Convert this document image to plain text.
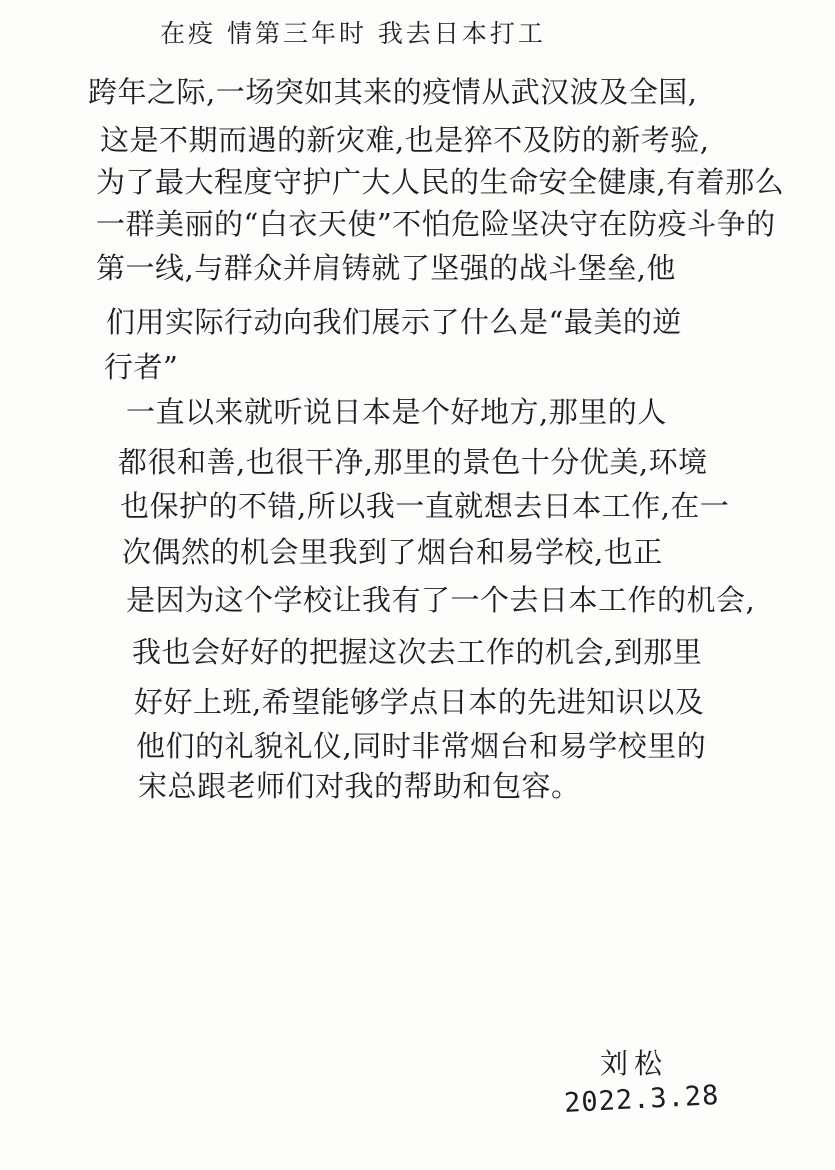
在疫 情第三年时 我去日本打工
跨年之际,一场突如其来的疫情从武汉波及全国,
这是不期而遇的新灾难,也是猝不及防的新考验,
为了最大程度守护广大人民的生命安全健康,有着那么
一群美丽的“白衣天使”不怕危险坚决守在防疫斗争的
第一线,与群众并肩铸就了坚强的战斗堡垒,他
们用实际行动向我们展示了什么是“最美的逆
行者”
一直以来就听说日本是个好地方,那里的人
都很和善,也很干净,那里的景色十分优美,环境
也保护的不错,所以我一直就想去日本工作,在一
次偶然的机会里我到了烟台和易学校,也正
是因为这个学校让我有了一个去日本工作的机会,
我也会好好的把握这次去工作的机会,到那里
好好上班,希望能够学点日本的先进知识以及
他们的礼貌礼仪,同时非常烟台和易学校里的
宋总跟老师们对我的帮助和包容。
刘松
2022.3.28
